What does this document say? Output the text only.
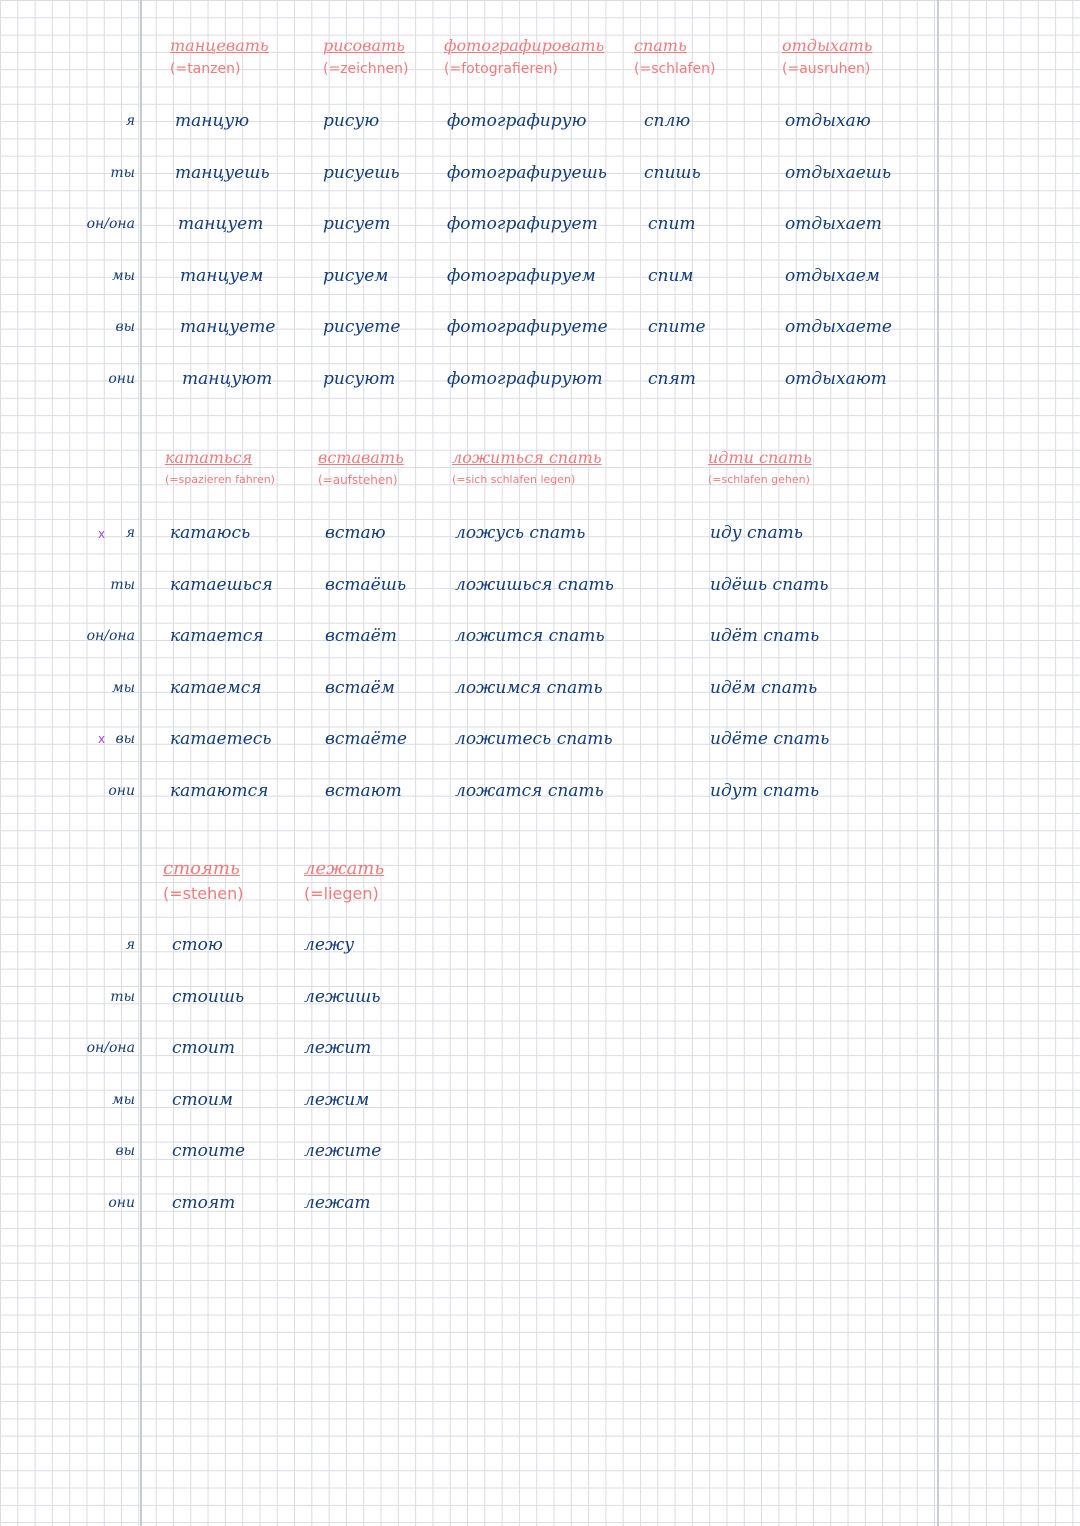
танцевать
(=tanzen)
рисовать
(=zeichnen)
фотографировать
(=fotografieren)
спать
(=schlafen)
отдыхать
(=ausruhen)
я
ты
он/она
мы
вы
они
танцую
танцуешь
танцует
танцуем
танцуете
танцуют
рисую
рисуешь
рисует
рисуем
рисуете
рисуют
фотографирую
фотографируешь
фотографирует
фотографируем
фотографируете
фотографируют
сплю
спишь
спит
спим
спите
спят
отдыхаю
отдыхаешь
отдыхает
отдыхаем
отдыхаете
отдыхают
кататься
(=spazieren fahren)
вставать
(=aufstehen)
ложиться спать
(=sich schlafen legen)
идти спать
(=schlafen gehen)
x
x
я
ты
он/она
мы
вы
они
катаюсь
катаешься
катается
катаемся
катаетесь
катаются
встаю
встаёшь
встаёт
встаём
встаёте
встают
ложусь спать
ложишься спать
ложится спать
ложимся спать
ложитесь спать
ложатся спать
иду спать
идёшь спать
идёт спать
идём спать
идёте спать
идут спать
стоять
(=stehen)
лежать
(=liegen)
я
ты
он/она
мы
вы
они
стою
стоишь
стоит
стоим
стоите
стоят
лежу
лежишь
лежит
лежим
лежите
лежат
